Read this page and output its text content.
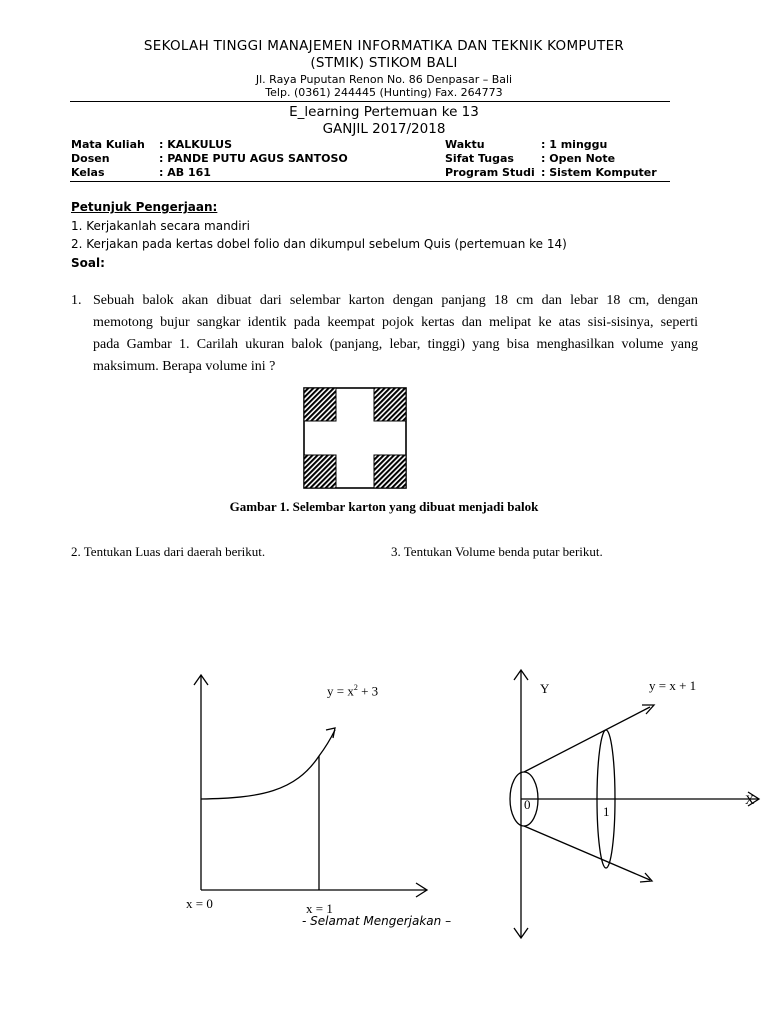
SEKOLAH TINGGI MANAJEMEN INFORMATIKA DAN TEKNIK KOMPUTER
(STMIK) STIKOM BALI
Jl. Raya Puputan Renon No. 86 Denpasar – Bali
Telp. (0361) 244445 (Hunting) Fax. 264773
E_learning Pertemuan ke 13
GANJIL 2017/2018
Mata Kuliah	: KALKULUS
Dosen	: PANDE PUTU AGUS SANTOSO
Kelas	: AB 161
Waktu	: 1 minggu
Sifat Tugas	: Open Note
Program Studi : Sistem Komputer
Petunjuk Pengerjaan:
1. Kerjakanlah secara mandiri
2. Kerjakan pada kertas dobel folio dan dikumpul sebelum Quis (pertemuan ke 14)
Soal:
1. Sebuah balok akan dibuat dari selembar karton dengan panjang 18 cm dan lebar 18 cm, dengan
memotong bujur sangkar identik pada keempat pojok kertas dan melipat ke atas sisi-sisinya, seperti
pada Gambar 1. Carilah ukuran balok (panjang, lebar, tinggi) yang bisa menghasilkan volume yang
maksimum. Berapa volume ini ?
Gambar 1. Selembar karton yang dibuat menjadi balok
2. Tentukan Luas dari daerah berikut.	3. Tentukan Volume benda putar berikut.
$y = x^2 + 3$
x = 0	x = 1
Y
X
y = x + 1
0	1
- Selamat Mengerjakan –
